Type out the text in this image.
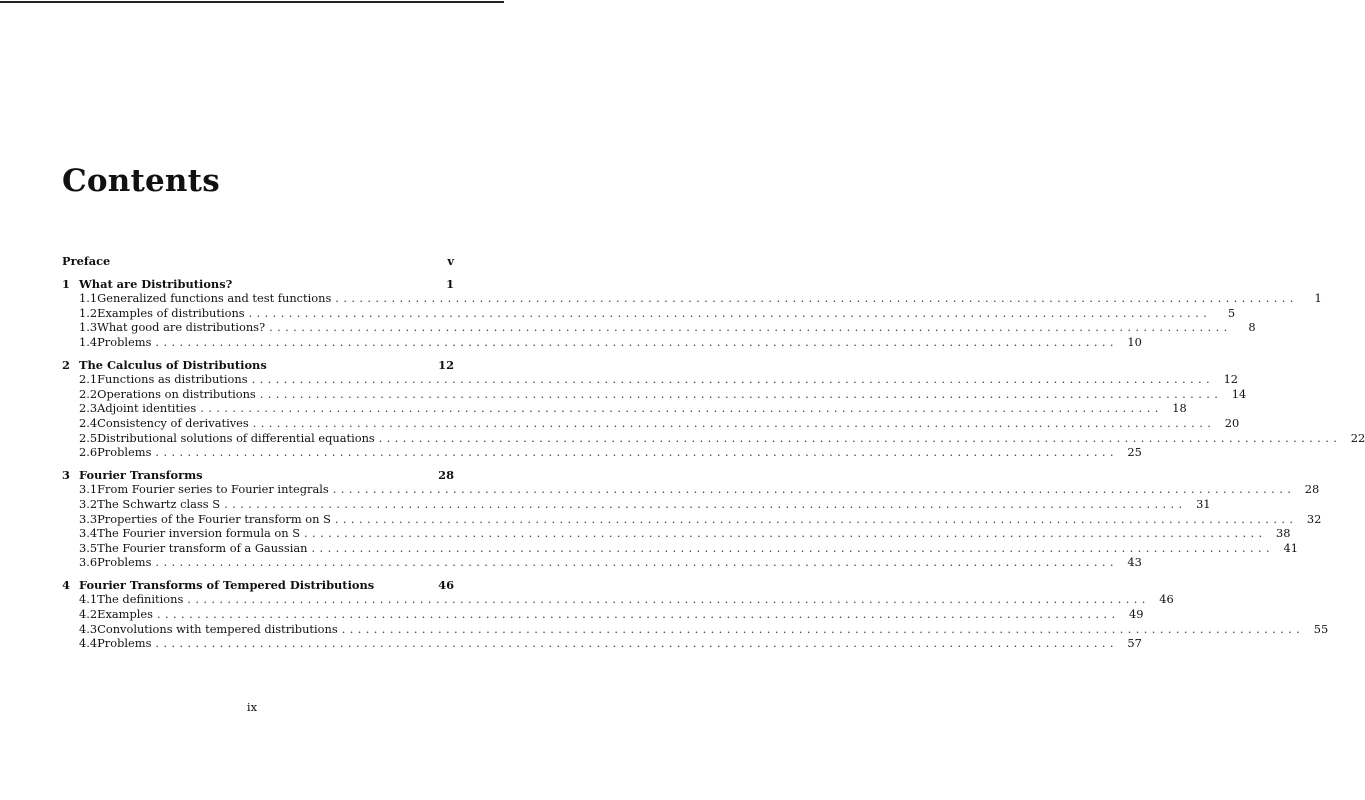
Contents
Preface	v
1 What are Distributions?	1
1.1 Generalized functions and test functions ........................................................................................................................	1
1.2 Examples of distributions ........................................................................................................................	5
1.3 What good are distributions? ........................................................................................................................	8
1.4 Problems ........................................................................................................................ 10
2 The Calculus of Distributions	12
2.1 Functions as distributions ........................................................................................................................ 12
2.2 Operations on distributions ........................................................................................................................ 14
2.3 Adjoint identities ........................................................................................................................ 18
2.4 Consistency of derivatives ........................................................................................................................ 20
2.5 Distributional solutions of differential equations ........................................................................................................................ 22
2.6 Problems ........................................................................................................................ 25
3 Fourier Transforms	28
3.1 From Fourier series to Fourier integrals ........................................................................................................................ 28
3.2 The Schwartz class S ........................................................................................................................ 31
3.3 Properties of the Fourier transform on S ........................................................................................................................ 32
3.4 The Fourier inversion formula on S ........................................................................................................................ 38
3.5 The Fourier transform of a Gaussian ........................................................................................................................ 41
3.6 Problems ........................................................................................................................ 43
4 Fourier Transforms of Tempered Distributions	46
4.1 The definitions ........................................................................................................................ 46
4.2 Examples ........................................................................................................................ 49
4.3 Convolutions with tempered distributions ........................................................................................................................ 55
4.4 Problems ........................................................................................................................ 57
ix
